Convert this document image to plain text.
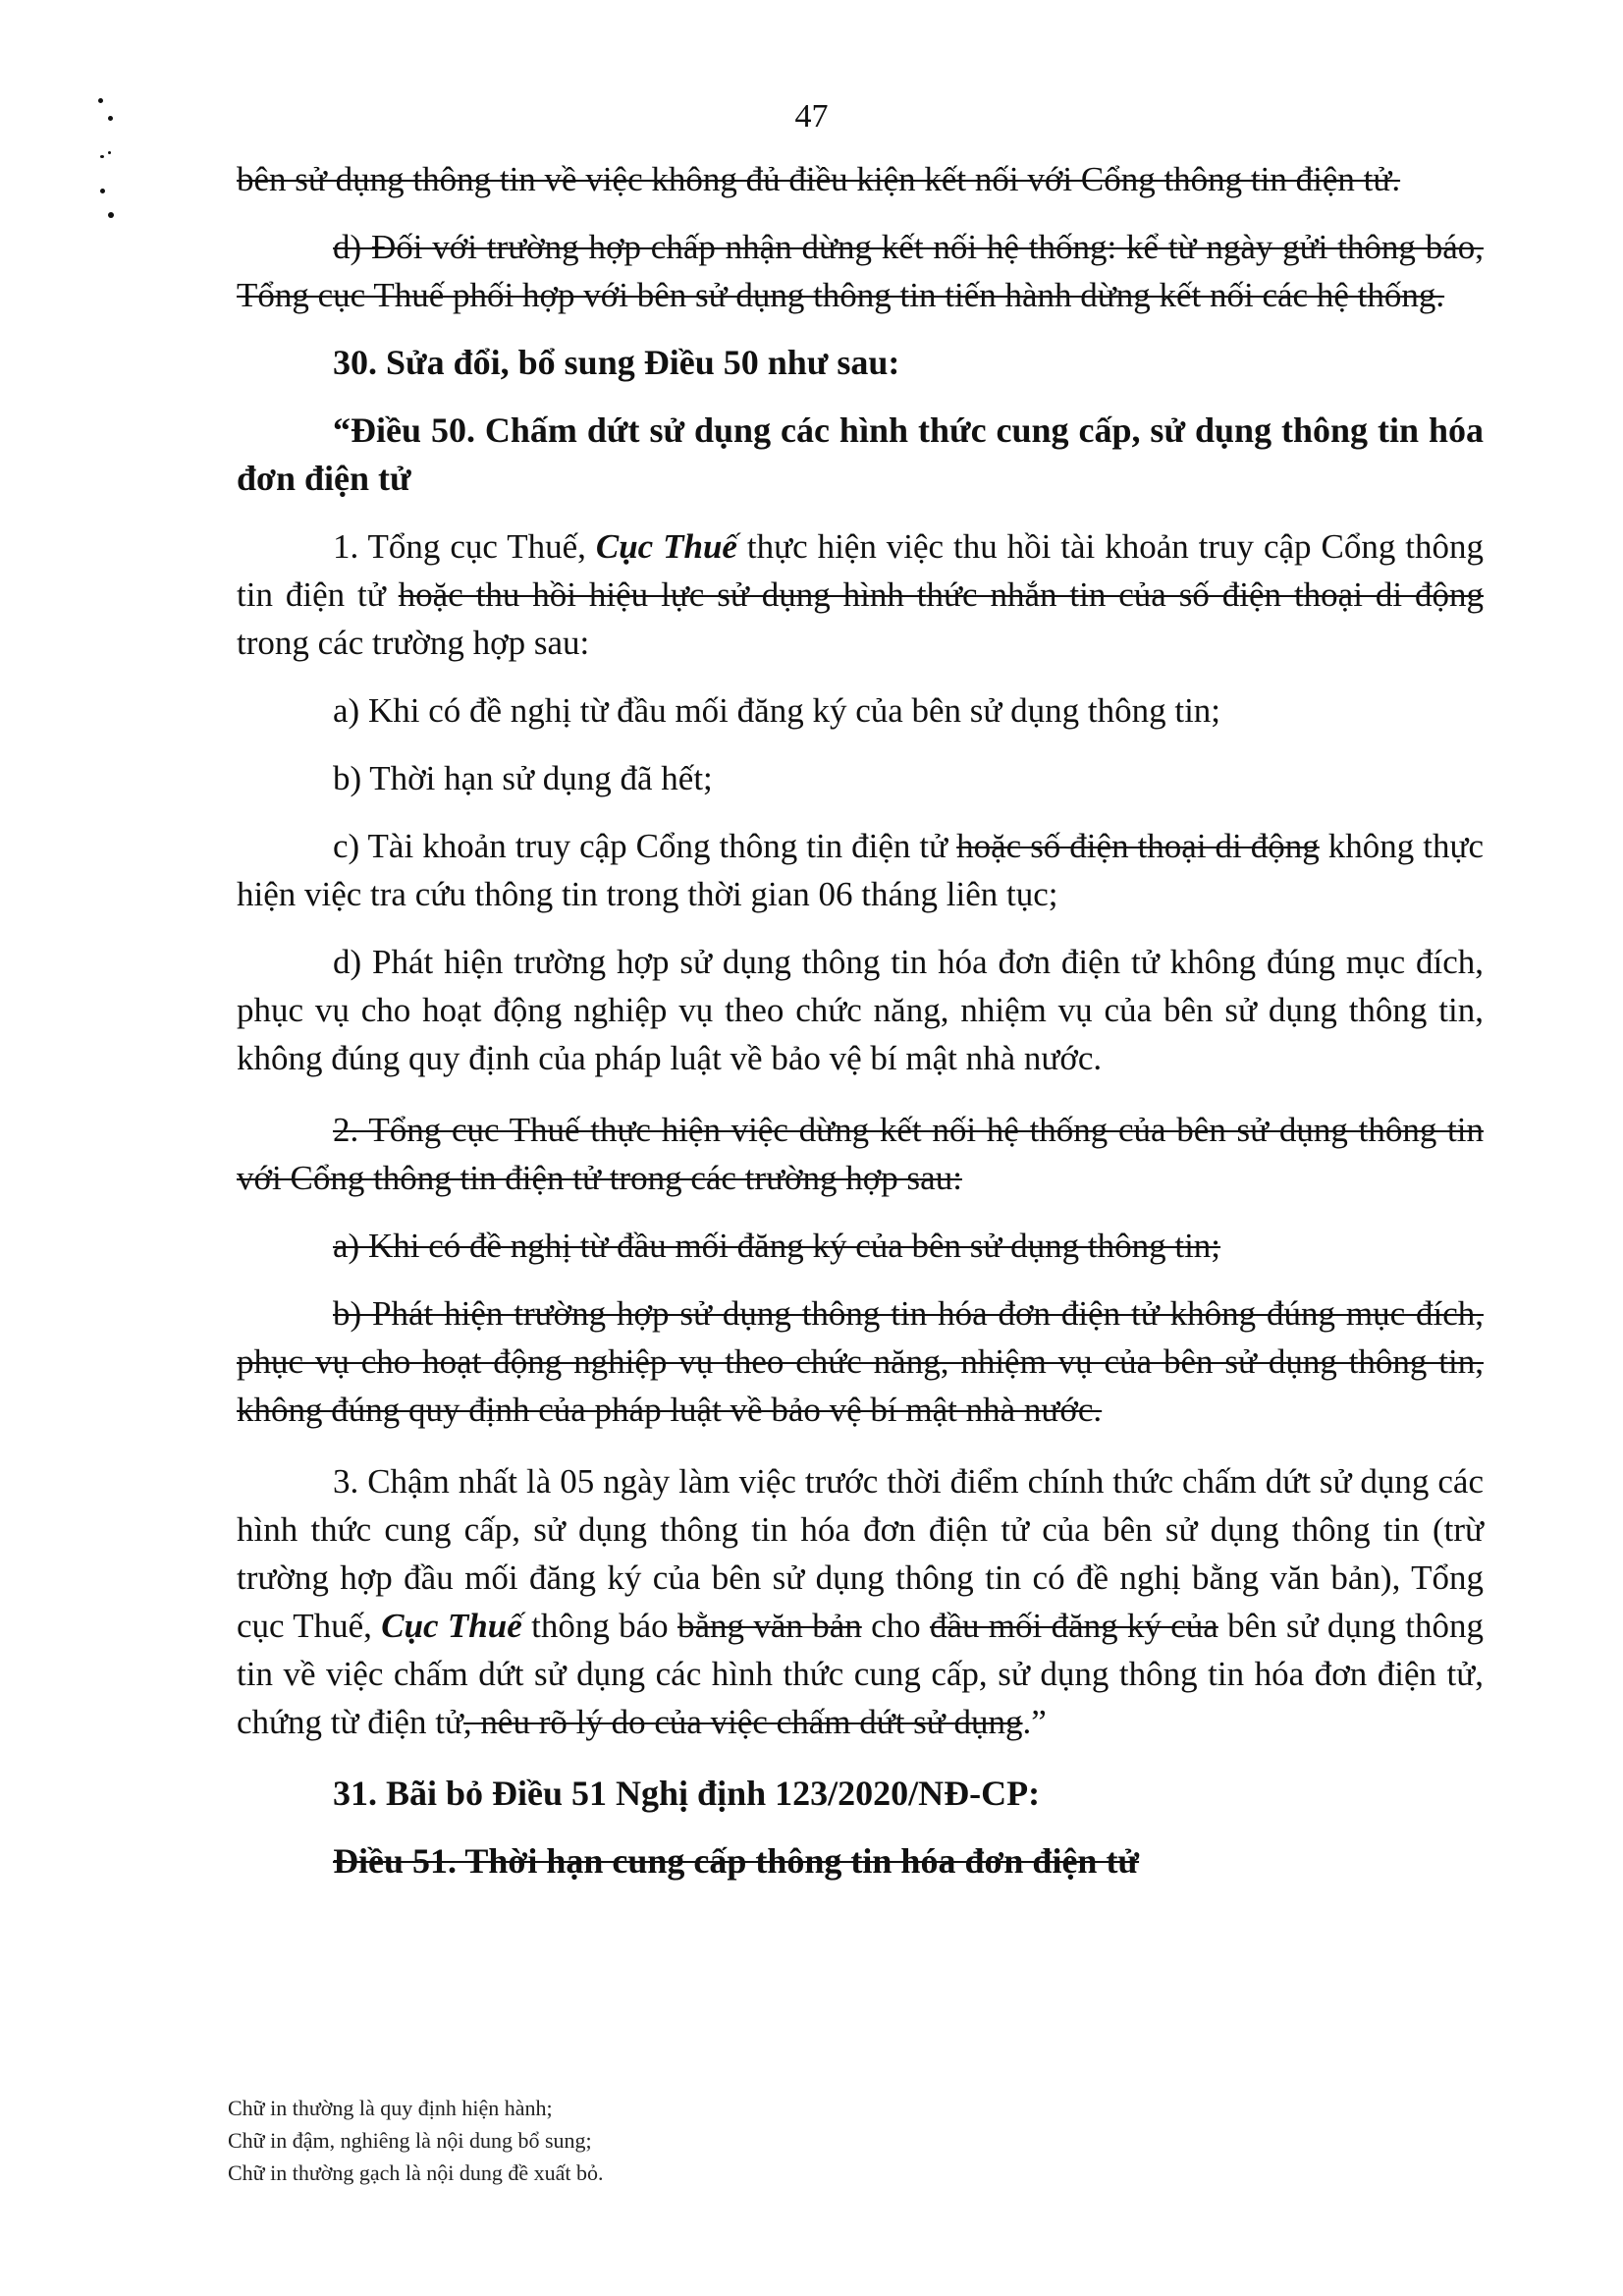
47

bên sử dụng thông tin về việc không đủ điều kiện kết nối với Cổng thông tin điện tử.

d) Đối với trường hợp chấp nhận dừng kết nối hệ thống: kể từ ngày gửi thông báo, Tổng cục Thuế phối hợp với bên sử dụng thông tin tiến hành dừng kết nối các hệ thống.

30. Sửa đổi, bổ sung Điều 50 như sau:

“Điều 50. Chấm dứt sử dụng các hình thức cung cấp, sử dụng thông tin hóa đơn điện tử

1. Tổng cục Thuế, Cục Thuế thực hiện việc thu hồi tài khoản truy cập Cổng thông tin điện tử hoặc thu hồi hiệu lực sử dụng hình thức nhắn tin của số điện thoại di động trong các trường hợp sau:

a) Khi có đề nghị từ đầu mối đăng ký của bên sử dụng thông tin;

b) Thời hạn sử dụng đã hết;

c) Tài khoản truy cập Cổng thông tin điện tử hoặc số điện thoại di động không thực hiện việc tra cứu thông tin trong thời gian 06 tháng liên tục;

d) Phát hiện trường hợp sử dụng thông tin hóa đơn điện tử không đúng mục đích, phục vụ cho hoạt động nghiệp vụ theo chức năng, nhiệm vụ của bên sử dụng thông tin, không đúng quy định của pháp luật về bảo vệ bí mật nhà nước.

2. Tổng cục Thuế thực hiện việc dừng kết nối hệ thống của bên sử dụng thông tin với Cổng thông tin điện tử trong các trường hợp sau:

a) Khi có đề nghị từ đầu mối đăng ký của bên sử dụng thông tin;

b) Phát hiện trường hợp sử dụng thông tin hóa đơn điện tử không đúng mục đích, phục vụ cho hoạt động nghiệp vụ theo chức năng, nhiệm vụ của bên sử dụng thông tin, không đúng quy định của pháp luật về bảo vệ bí mật nhà nước.

3. Chậm nhất là 05 ngày làm việc trước thời điểm chính thức chấm dứt sử dụng các hình thức cung cấp, sử dụng thông tin hóa đơn điện tử của bên sử dụng thông tin (trừ trường hợp đầu mối đăng ký của bên sử dụng thông tin có đề nghị bằng văn bản), Tổng cục Thuế, Cục Thuế thông báo bằng văn bản cho đầu mối đăng ký của bên sử dụng thông tin về việc chấm dứt sử dụng các hình thức cung cấp, sử dụng thông tin hóa đơn điện tử, chứng từ điện tử, nêu rõ lý do của việc chấm dứt sử dụng.”

31. Bãi bỏ Điều 51 Nghị định 123/2020/NĐ-CP:

Điều 51. Thời hạn cung cấp thông tin hóa đơn điện tử

Chữ in thường là quy định hiện hành;

Chữ in đậm, nghiêng là nội dung bổ sung;

Chữ in thường gạch là nội dung đề xuất bỏ.
